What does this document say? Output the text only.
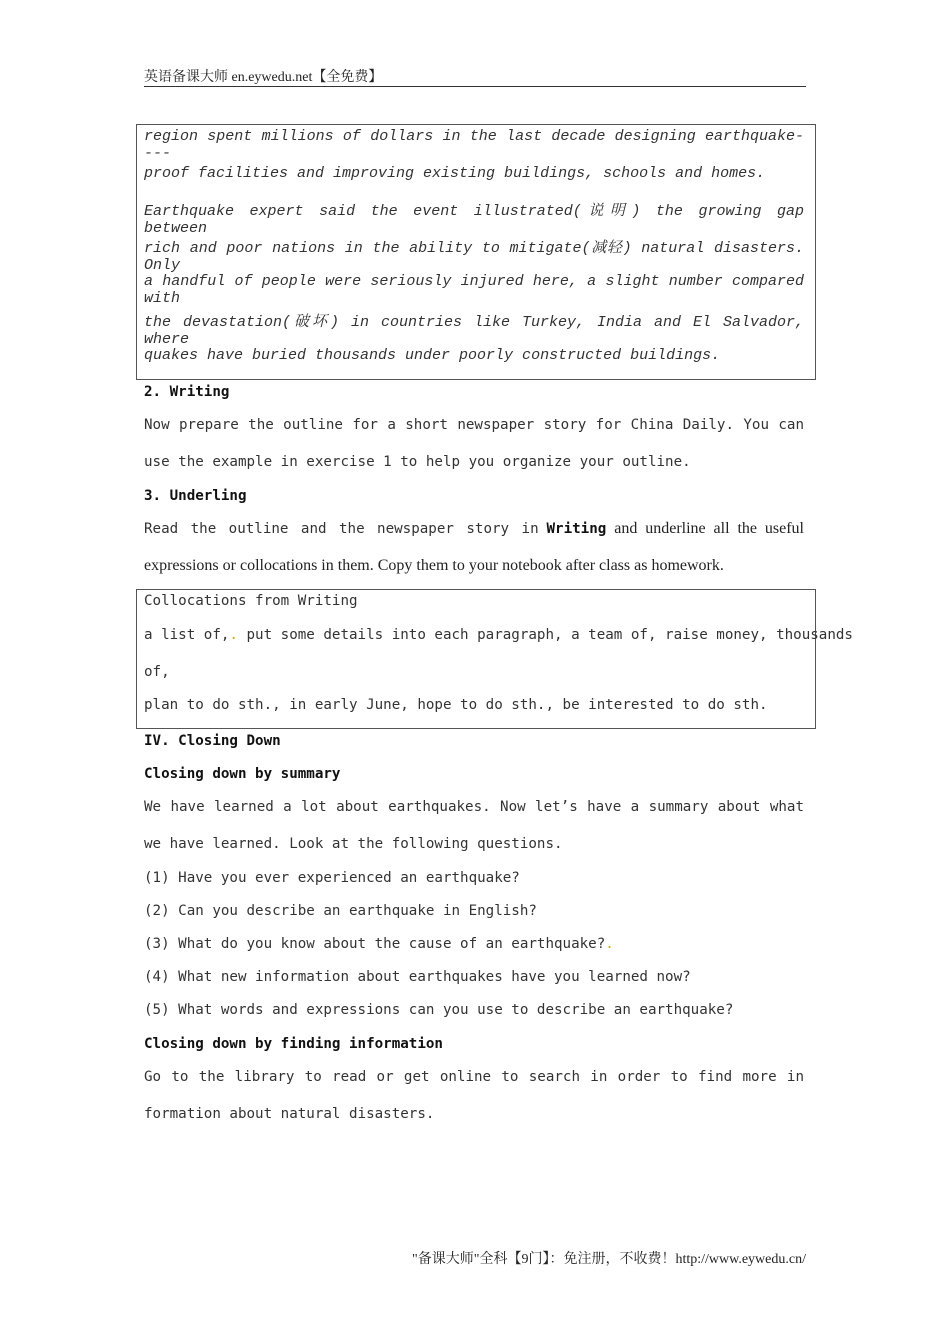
英语备课大师 en.eywedu.net【全免费】
region spent millions of dollars in the last decade designing earthquake----
proof facilities and improving existing buildings, schools and homes.
Earthquake expert said the event illustrated(说明) the growing gap between
rich and poor nations in the ability to mitigate(减轻) natural disasters. Only
a handful of people were seriously injured here, a slight number compared with
the devastation(破坏) in countries like Turkey, India and El Salvador, where
quakes have buried thousands under poorly constructed buildings.
2. Writing
Now prepare the outline for a short newspaper story for China Daily. You can
use the example in exercise 1 to help you organize your outline.
3. Underling
Read the outline and the newspaper story in Writing and underline all the useful
expressions or collocations in them. Copy them to your notebook after class as homework.
Collocations from Writing
a list of,. put some details into each paragraph, a team of, raise money, thousands
of,
plan to do sth., in early June, hope to do sth., be interested to do sth.
IV. Closing Down
Closing down by summary
We have learned a lot about earthquakes. Now let’s have a summary about what
we have learned. Look at the following questions.
(1) Have you ever experienced an earthquake?
(2) Can you describe an earthquake in English?
(3) What do you know about the cause of an earthquake?.
(4) What new information about earthquakes have you learned now?
(5) What words and expressions can you use to describe an earthquake?
Closing down by finding information
Go to the library to read or get online to search in order to find more in
formation about natural disasters.
"备课大师"全科【9门】：免注册，不收费！http://www.eywedu.cn/
